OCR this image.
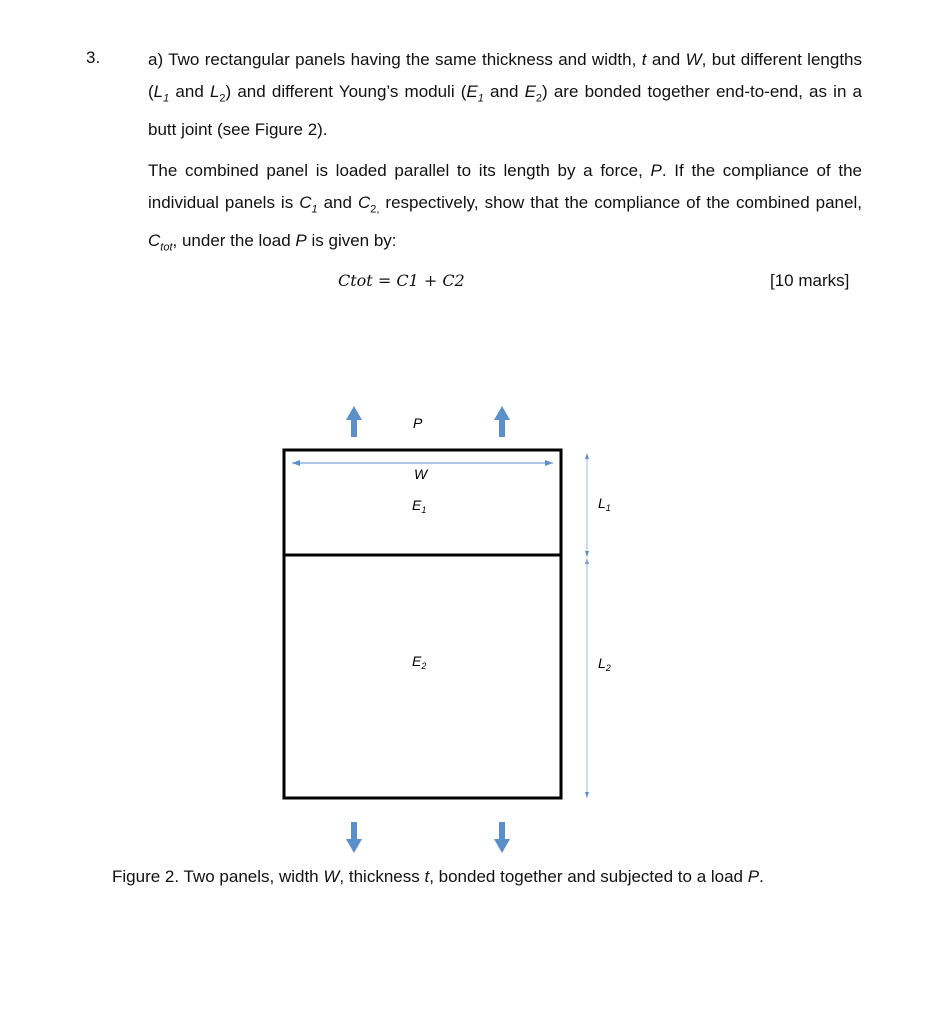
3.	a) Two rectangular panels having the same thickness and width, t and W, but different lengths ($L_1$ and $L_2$) and different Young’s moduli ($E_1$ and $E_2$) are bonded together end-to-end, as in a butt joint (see Figure 2).

The combined panel is loaded parallel to its length by a force, P. If the compliance of the individual panels is $C_1$ and $C_{2,}$ respectively, show that the compliance of the combined panel, $C_{tot}$, under the load P is given by:

Ctot = C1 + C2	[10 marks]
P
W
$E_1$
$E_2$
$L_1$
$L_2$
Figure 2. Two panels, width W, thickness t, bonded together and subjected to a load P.
